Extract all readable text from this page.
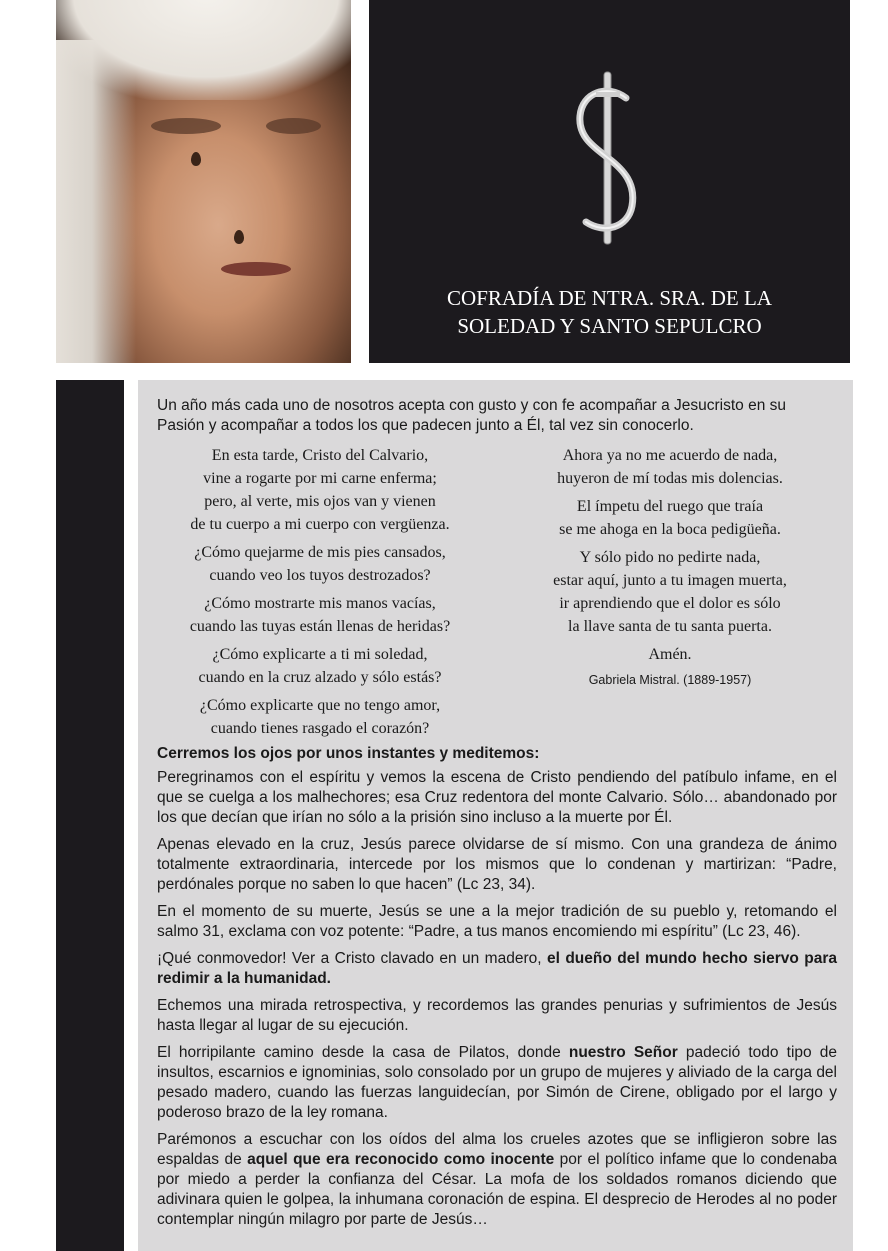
COFRADÍA DE NTRA. SRA. DE LA
SOLEDAD Y SANTO SEPULCRO
Un año más cada uno de nosotros acepta con gusto y con fe acompañar a Jesucristo en su Pasión y acompañar a todos los que padecen junto a Él, tal vez sin conocerlo.

En esta tarde, Cristo del Calvario,
vine a rogarte por mi carne enferma;
pero, al verte, mis ojos van y vienen
de tu cuerpo a mi cuerpo con vergüenza.

¿Cómo quejarme de mis pies cansados,
cuando veo los tuyos destrozados?

¿Cómo mostrarte mis manos vacías,
cuando las tuyas están llenas de heridas?

¿Cómo explicarte a ti mi soledad,
cuando en la cruz alzado y sólo estás?

¿Cómo explicarte que no tengo amor,
cuando tienes rasgado el corazón?

Ahora ya no me acuerdo de nada,
huyeron de mí todas mis dolencias.

El ímpetu del ruego que traía
se me ahoga en la boca pedigüeña.

Y sólo pido no pedirte nada,
estar aquí, junto a tu imagen muerta,
ir aprendiendo que el dolor es sólo
la llave santa de tu santa puerta.

Amén.

Gabriela Mistral. (1889-1957)

Cerremos los ojos por unos instantes y meditemos:

Peregrinamos con el espíritu y vemos la escena de Cristo pendiendo del patíbulo infame, en el que se cuelga a los malhechores; esa Cruz redentora del monte Calvario. Sólo… abandonado por los que decían que irían no sólo a la prisión sino incluso a la muerte por Él.

Apenas elevado en la cruz, Jesús parece olvidarse de sí mismo. Con una grandeza de ánimo totalmente extraordinaria, intercede por los mismos que lo condenan y martirizan: “Padre, perdónales porque no saben lo que hacen” (Lc 23, 34).

En el momento de su muerte, Jesús se une a la mejor tradición de su pueblo y, retomando el salmo 31, exclama con voz potente: “Padre, a tus manos encomiendo mi espíritu” (Lc 23, 46).

¡Qué conmovedor! Ver a Cristo clavado en un madero, el dueño del mundo hecho siervo para redimir a la humanidad.

Echemos una mirada retrospectiva, y recordemos las grandes penurias y sufrimientos de Jesús hasta llegar al lugar de su ejecución.

El horripilante camino desde la casa de Pilatos, donde nuestro Señor padeció todo tipo de insultos, escarnios e ignominias, solo consolado por un grupo de mujeres y aliviado de la carga del pesado madero, cuando las fuerzas languidecían, por Simón de Cirene, obligado por el largo y poderoso brazo de la ley romana.

Parémonos a escuchar con los oídos del alma los crueles azotes que se infligieron sobre las espaldas de aquel que era reconocido como inocente por el político infame que lo condenaba por miedo a perder la confianza del César. La mofa de los soldados romanos diciendo que adivinara quien le golpea, la inhumana coronación de espina. El desprecio de Herodes al no poder contemplar ningún milagro por parte de Jesús…
